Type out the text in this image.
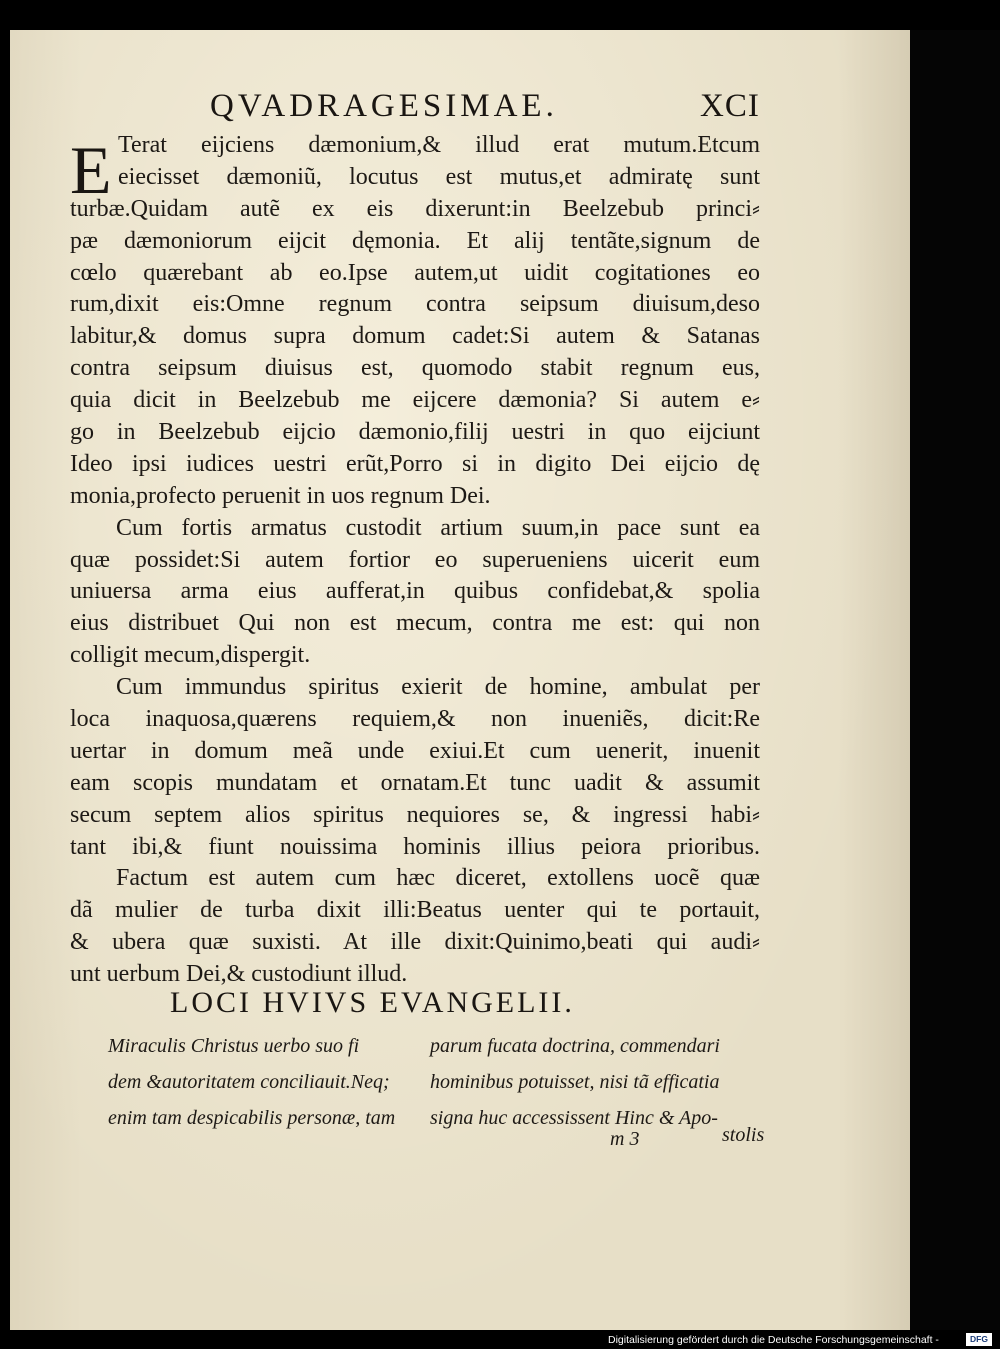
QVADRAGESIMAE.	XCI
E Terat eijciens dæmonium,& illud erat mutum.Etcum
eiecisset dæmoniũ, locutus est mutus,et admiratę sunt
turbæ.Quidam autẽ ex eis dixerunt:in Beelzebub princi⸗
pæ dæmoniorum eijcit dęmonia. Et alij tentãte,signum de
cœlo quærebant ab eo.Ipse autem,ut uidit cogitationes eo
rum,dixit eis:Omne regnum contra seipsum diuisum,deso
labitur,& domus supra domum cadet:Si autem & Satanas
contra seipsum diuisus est, quomodo stabit regnum eus,
quia dicit in Beelzebub me eijcere dæmonia? Si autem e⸗
go in Beelzebub eijcio dæmonio,filij uestri in quo eijciunt
Ideo ipsi iudices uestri erũt,Porro si in digito Dei eijcio dę
monia,profecto peruenit in uos regnum Dei.
Cum fortis armatus custodit artium suum,in pace sunt ea
quæ possidet:Si autem fortior eo superueniens uicerit eum
uniuersa arma eius aufferat,in quibus confidebat,& spolia
eius distribuet Qui non est mecum, contra me est: qui non
colligit mecum,dispergit.
Cum immundus spiritus exierit de homine, ambulat per
loca inaquosa,quærens requiem,& non inueniẽs, dicit:Re
uertar in domum meã unde exiui.Et cum uenerit, inuenit
eam scopis mundatam et ornatam.Et tunc uadit & assumit
secum septem alios spiritus nequiores se, & ingressi habi⸗
tant ibi,& fiunt nouissima hominis illius peiora prioribus.
Factum est autem cum hæc diceret, extollens uocẽ quæ
dã mulier de turba dixit illi:Beatus uenter qui te portauit,
& ubera quæ suxisti. At ille dixit:Quinimo,beati qui audi⸗
unt uerbum Dei,& custodiunt illud.
LOCI HVIVS EVANGELII.
Miraculis Christus uerbo suo fi
dem &autoritatem conciliauit.Neq;
enim tam despicabilis personæ, tam
parum fucata doctrina, commendari
hominibus potuisset, nisi tã efficatia
signa huc accessissent Hinc & Apo-
m 3	stolis
Digitalisierung gefördert durch die Deutsche Forschungsgemeinschaft -	DFG
